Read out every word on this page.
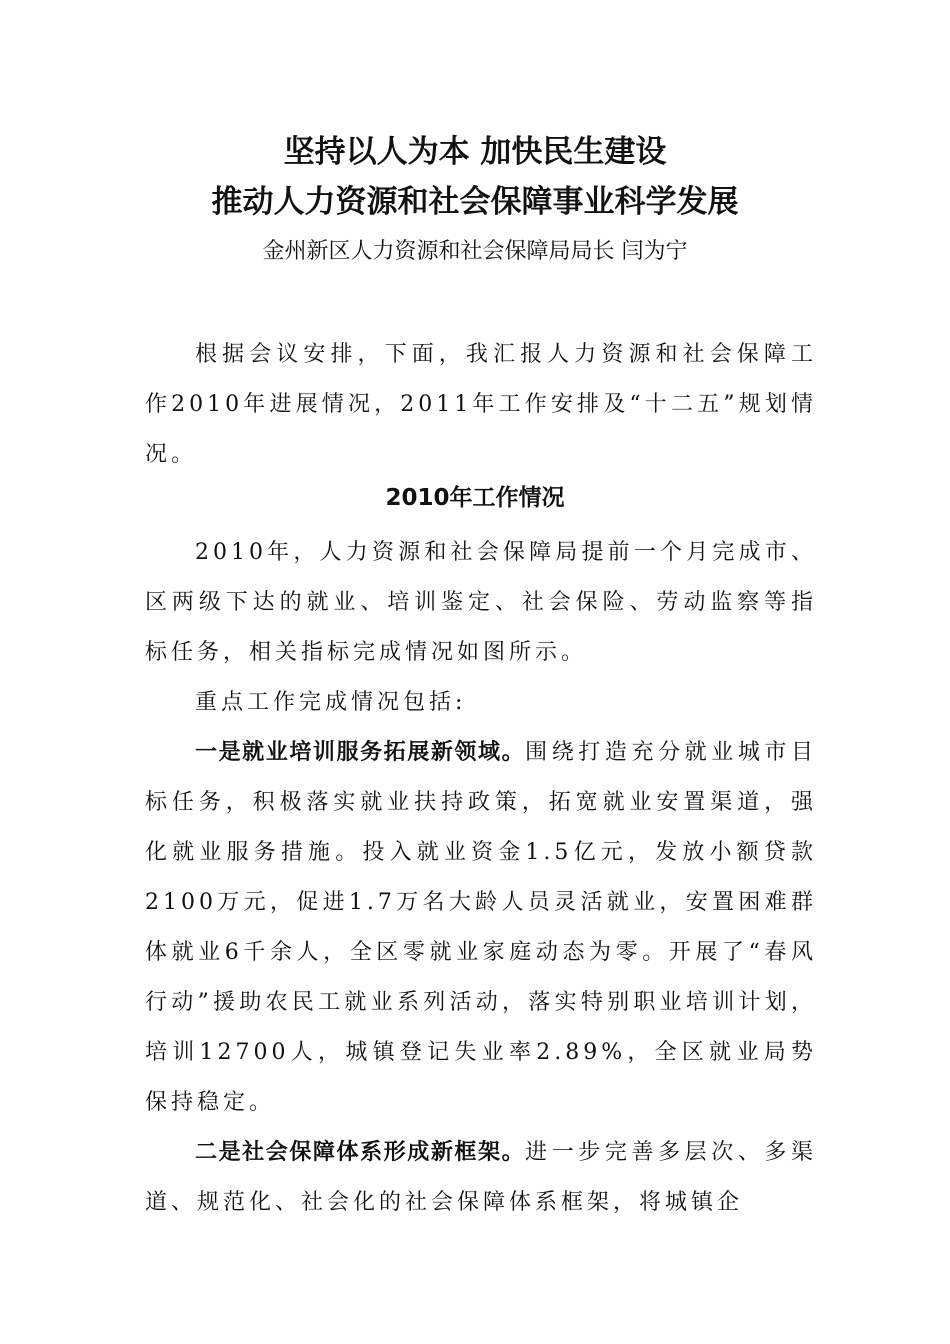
坚持以人为本 加快民生建设
推动人力资源和社会保障事业科学发展

金州新区人力资源和社会保障局局长 闫为宁

根据会议安排，下面，我汇报人力资源和社会保障工作2010年进展情况，2011年工作安排及“十二五”规划情况。

2010年工作情况

2010年，人力资源和社会保障局提前一个月完成市、区两级下达的就业、培训鉴定、社会保险、劳动监察等指标任务，相关指标完成情况如图所示。

重点工作完成情况包括:

一是就业培训服务拓展新领域。围绕打造充分就业城市目标任务，积极落实就业扶持政策，拓宽就业安置渠道，强化就业服务措施。投入就业资金1.5亿元，发放小额贷款2100万元，促进1.7万名大龄人员灵活就业，安置困难群体就业6千余人，全区零就业家庭动态为零。开展了“春风行动”援助农民工就业系列活动，落实特别职业培训计划，培训12700人，城镇登记失业率2.89%，全区就业局势保持稳定。

二是社会保障体系形成新框架。进一步完善多层次、多渠道、规范化、社会化的社会保障体系框架，将城镇企
